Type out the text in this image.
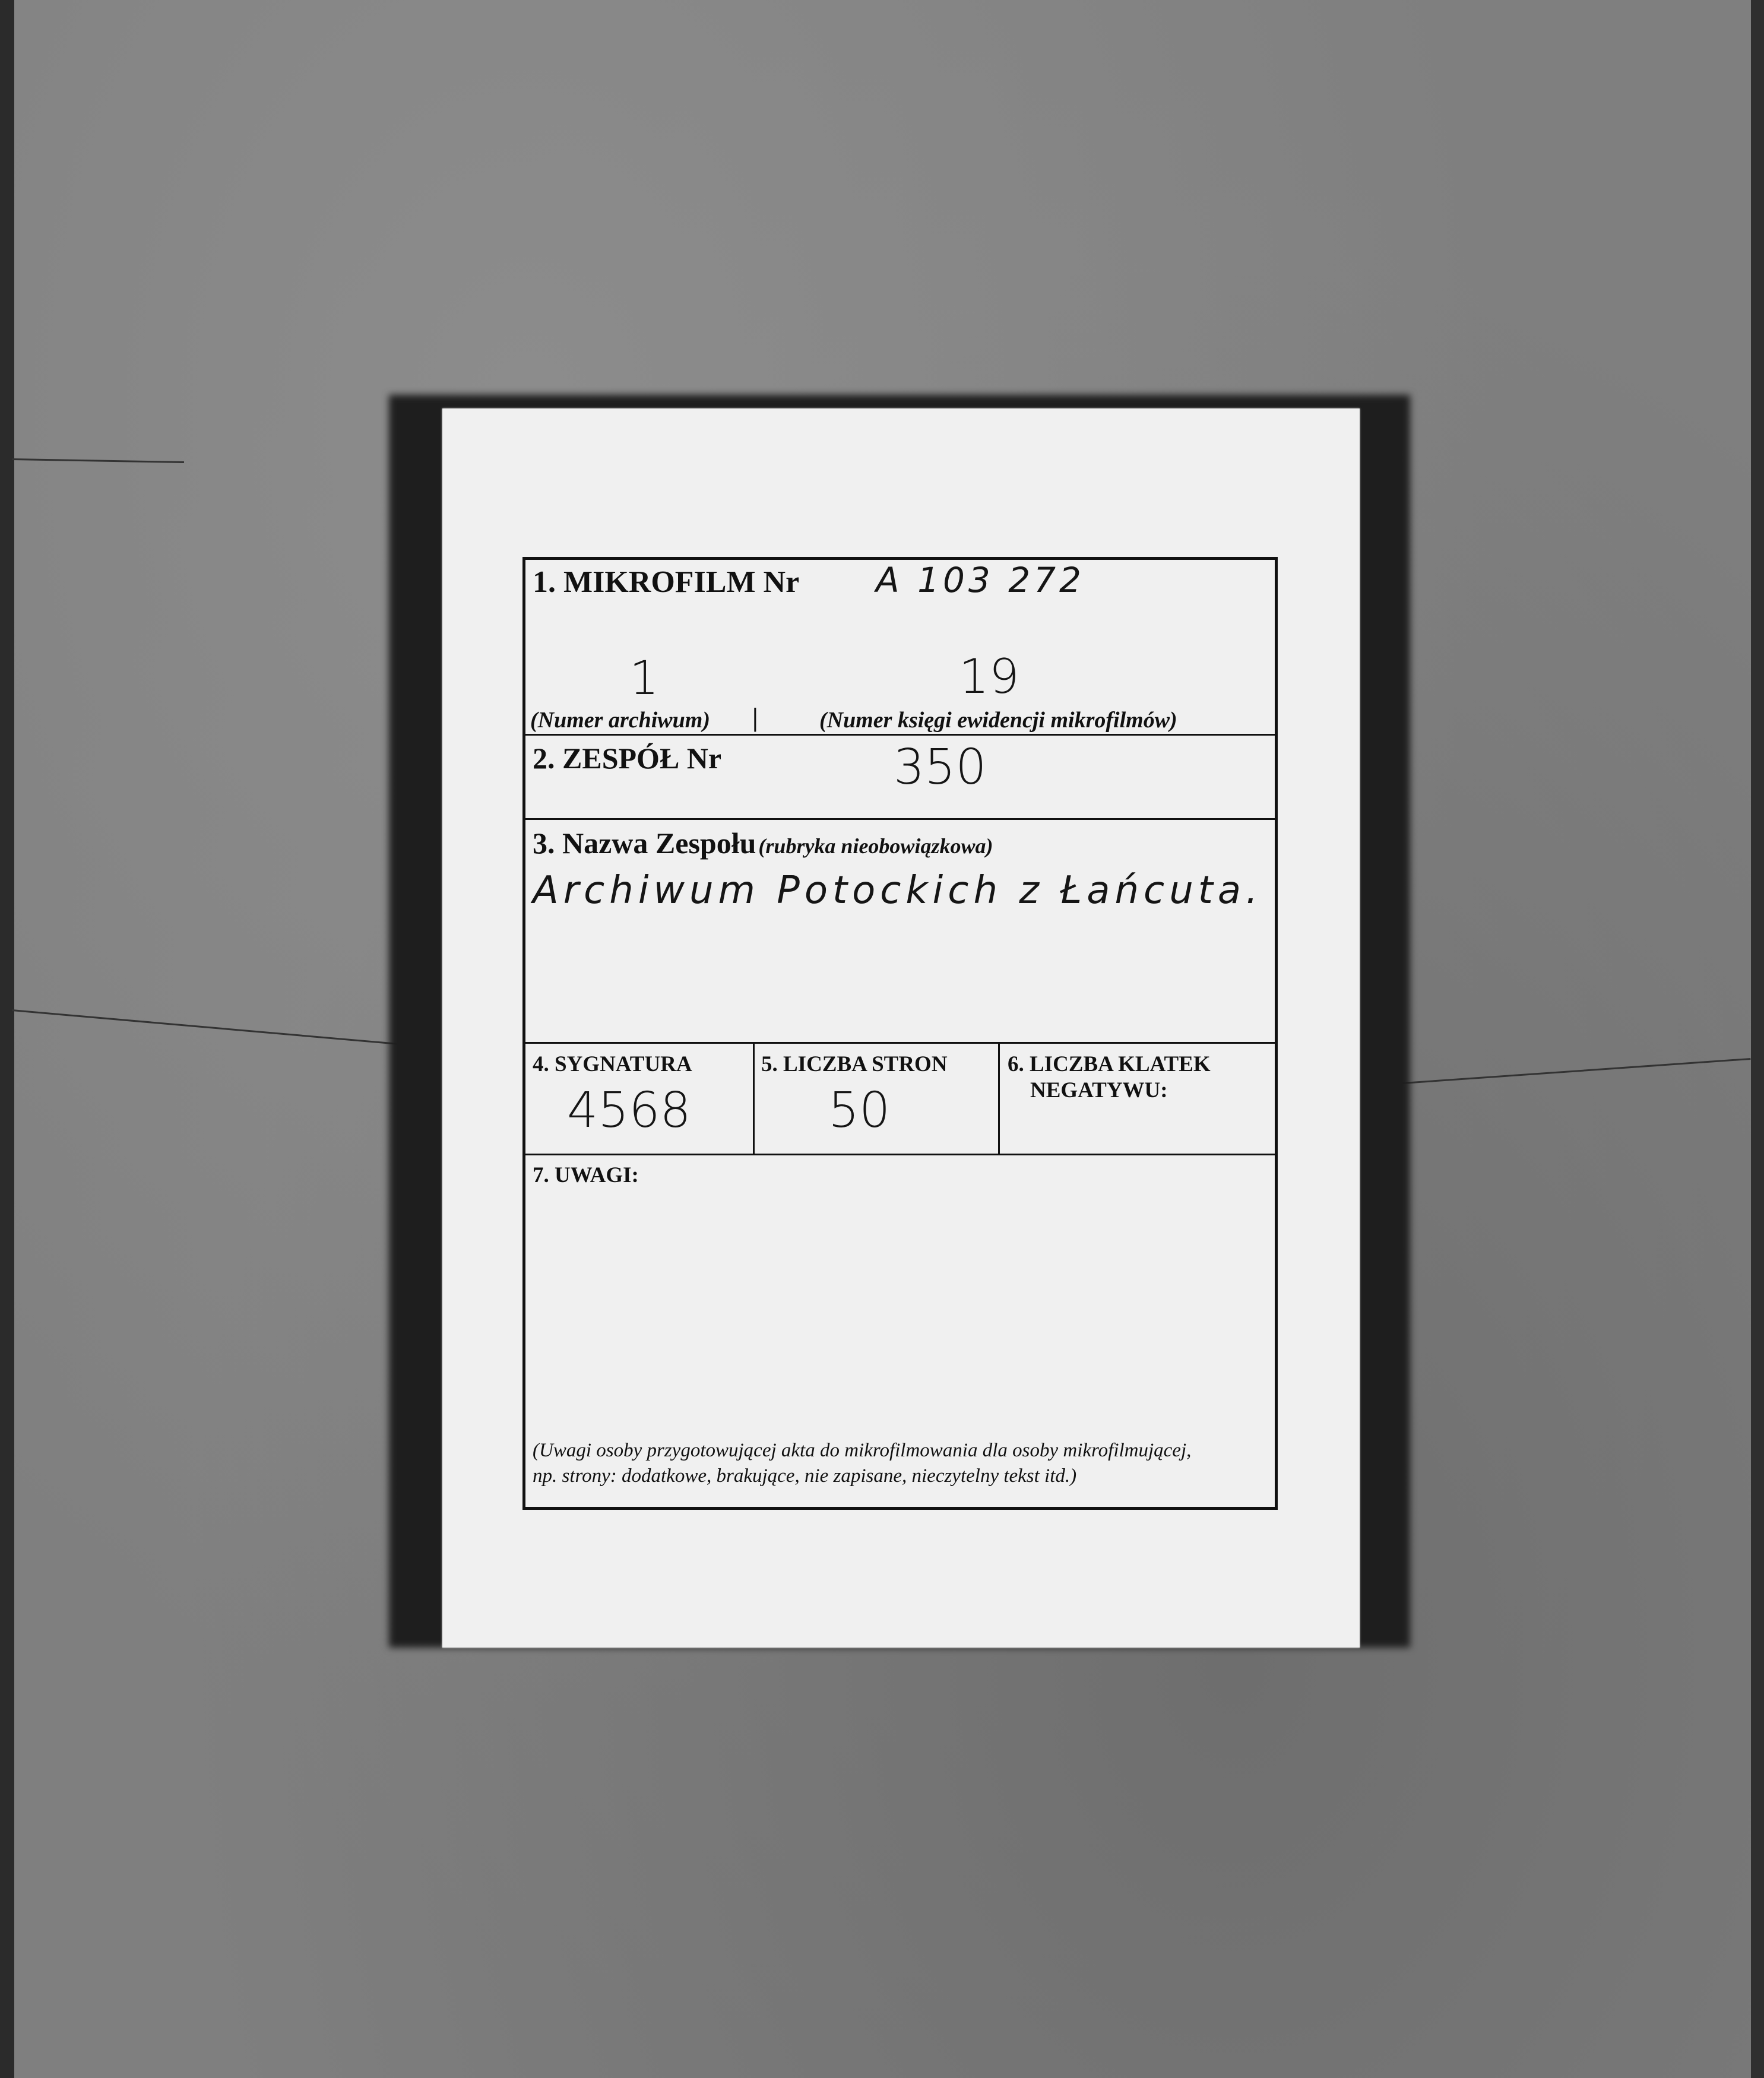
1. MIKROFILM Nr A 103 272
1	19
(Numer archiwum) |	(Numer księgi ewidencji mikrofilmów)
2. ZESPÓŁ Nr	350
3. Nazwa Zespołu (rubryka nieobowiązkowa)
Archiwum Potockich z Łańcuta.
4. SYGNATURA
4568
5. LICZBA STRON
50
6. LICZBA KLATEK
NEGATYWU:
7. UWAGI:
(Uwagi osoby przygotowującej akta do mikrofilmowania dla osoby mikrofilmującej,
np. strony: dodatkowe, brakujące, nie zapisane, nieczytelny tekst itd.)
